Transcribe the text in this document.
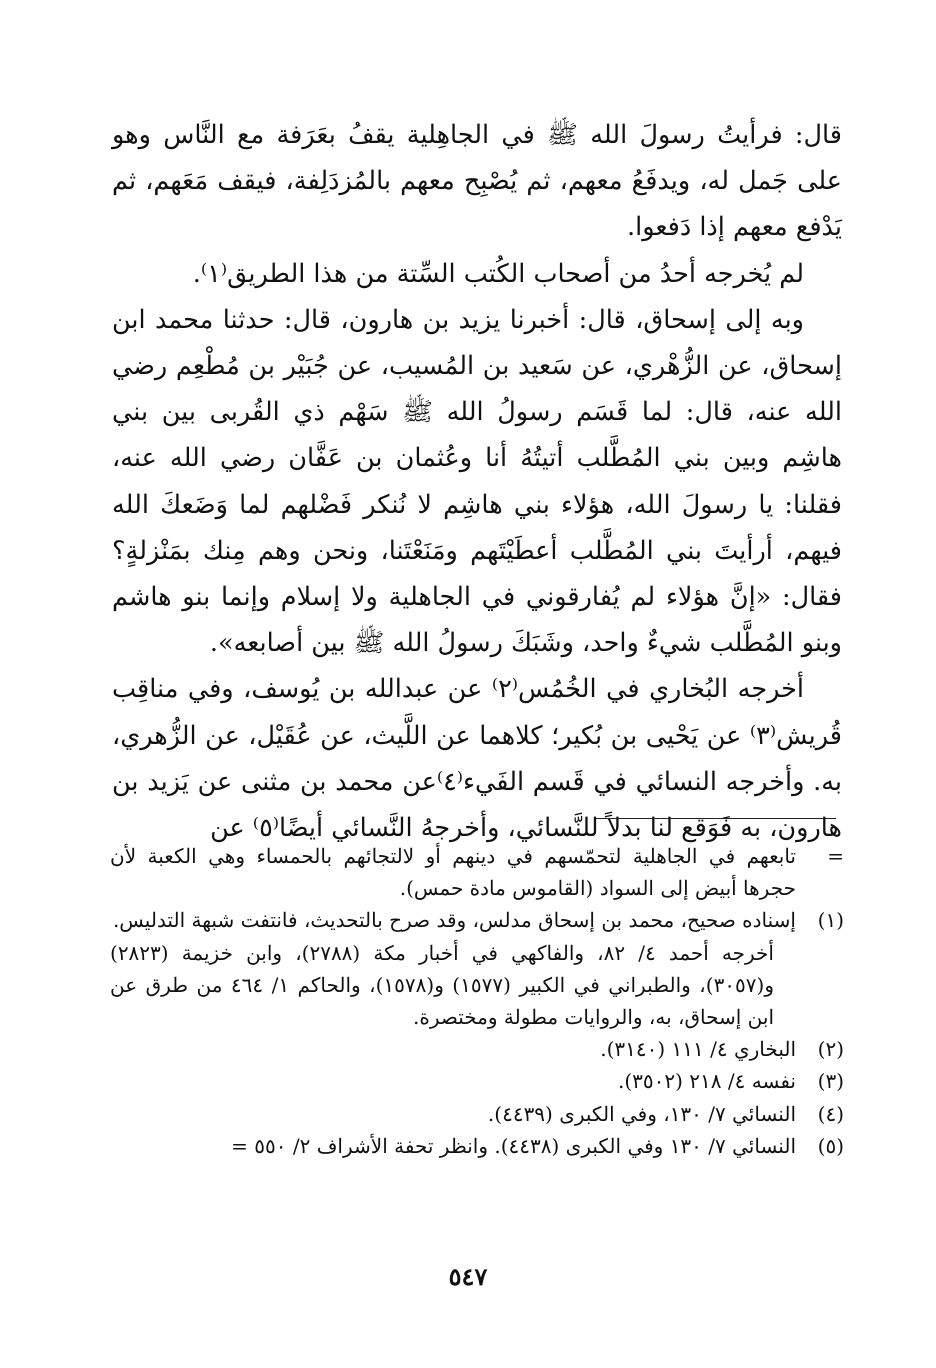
قال: فرأيتُ رسولَ الله ﷺ في الجاهِلية يقفُ بعَرَفة مع النَّاس وهو على جَمل له، ويدفَعُ معهم، ثم يُصْبِح معهم بالمُزدَلِفة، فيقف مَعَهم، ثم يَدْفع معهم إذا دَفعوا.

لم يُخرجه أحدُ من أصحاب الكُتب السِّتة من هذا الطريق⁽١⁾.

وبه إلى إسحاق، قال: أخبرنا يزيد بن هارون، قال: حدثنا محمد ابن إسحاق، عن الزُّهْري، عن سَعيد بن المُسيب، عن جُبَيْر بن مُطْعِم رضي الله عنه، قال: لما قَسَم رسولُ الله ﷺ سَهْم ذي القُربى بين بني هاشِم وبين بني المُطَّلب أتيتُهُ أنا وعُثمان بن عَفَّان رضي الله عنه، فقلنا: يا رسولَ الله، هؤلاء بني هاشِم لا نُنكر فَضْلهم لما وَضَعكَ الله فيهم، أرأيتَ بني المُطَّلب أعطَيْتَهم ومَنَعْتَنا، ونحن وهم مِنك بمَنْزلةٍ؟ فقال: «إنَّ هؤلاء لم يُفارقوني في الجاهلية ولا إسلام وإنما بنو هاشم وبنو المُطَّلب شيءٌ واحد، وشَبَكَ رسولُ الله ﷺ بين أصابعه».

أخرجه البُخاري في الخُمُس⁽٢⁾ عن عبدالله بن يُوسف، وفي مناقِب قُريش⁽٣⁾ عن يَحْيى بن بُكير؛ كلاهما عن اللَّيث، عن عُقَيْل، عن الزُّهري، به. وأخرجه النسائي في قَسم الفَيء⁽٤⁾عن محمد بن مثنى عن يَزيد بن هارون، به فَوَقع لنا بدلاً للنَّسائي، وأخرجهُ النَّسائي أيضًا⁽٥⁾ عن

=
تابعهم في الجاهلية لتحمّسهم في دينهم أو لالتجائهم بالحمساء وهي الكعبة لأن حجرها أبيض إلى السواد (القاموس مادة حمس).
(١)
إسناده صحيح، محمد بن إسحاق مدلس، وقد صرح بالتحديث، فانتفت شبهة التدليس.
أخرجه أحمد ٤/ ٨٢، والفاكهي في أخبار مكة (٢٧٨٨)، وابن خزيمة (٢٨٢٣) و(٣٠٥٧)، والطبراني في الكبير (١٥٧٧) و(١٥٧٨)، والحاكم ١/ ٤٦٤ من طرق عن ابن إسحاق، به، والروايات مطولة ومختصرة.
(٢)
البخاري ٤/ ١١١ (٣١٤٠).
(٣)
نفسه ٤/ ٢١٨ (٣٥٠٢).
(٤)
النسائي ٧/ ١٣٠، وفي الكبرى (٤٤٣٩).
(٥)
النسائي ٧/ ١٣٠ وفي الكبرى (٤٤٣٨). وانظر تحفة الأشراف ٢/ ٥٥٠ =
٥٤٧
